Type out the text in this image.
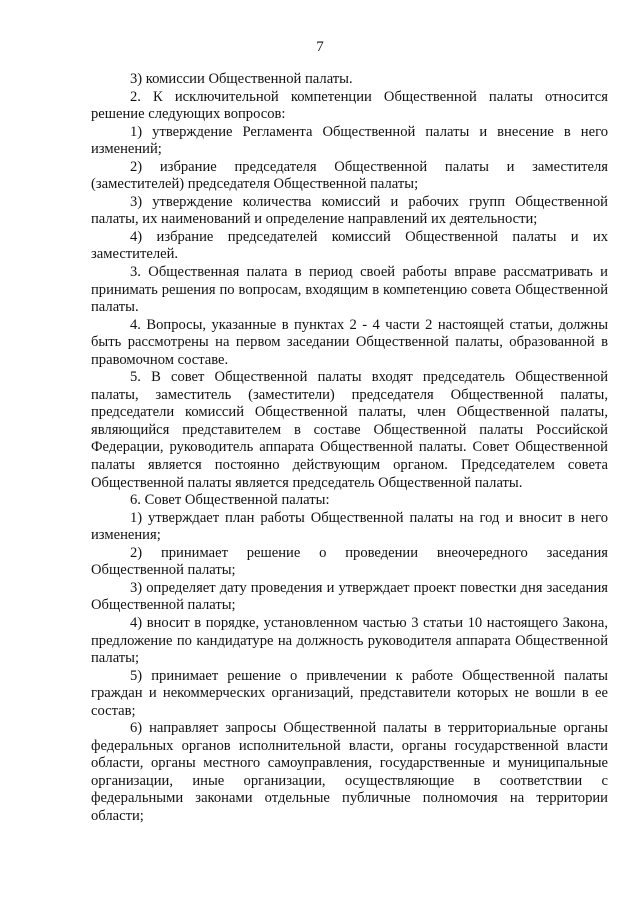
7

3) комиссии Общественной палаты.

2. К исключительной компетенции Общественной палаты относится решение следующих вопросов:

1) утверждение Регламента Общественной палаты и внесение в него изменений;

2) избрание председателя Общественной палаты и заместителя (заместителей) председателя Общественной палаты;

3) утверждение количества комиссий и рабочих групп Общественной палаты, их наименований и определение направлений их деятельности;

4) избрание председателей комиссий Общественной палаты и их заместителей.

3. Общественная палата в период своей работы вправе рассматривать и принимать решения по вопросам, входящим в компетенцию совета Общественной палаты.

4. Вопросы, указанные в пунктах 2 - 4 части 2 настоящей статьи, должны быть рассмотрены на первом заседании Общественной палаты, образованной в правомочном составе.

5. В совет Общественной палаты входят председатель Общественной палаты, заместитель (заместители) председателя Общественной палаты, председатели комиссий Общественной палаты, член Общественной палаты, являющийся представителем в составе Общественной палаты Российской Федерации, руководитель аппарата Общественной палаты. Совет Общественной палаты является постоянно действующим органом. Председателем совета Общественной палаты является председатель Общественной палаты.

6. Совет Общественной палаты:

1) утверждает план работы Общественной палаты на год и вносит в него изменения;

2) принимает решение о проведении внеочередного заседания Общественной палаты;

3) определяет дату проведения и утверждает проект повестки дня заседания Общественной палаты;

4) вносит в порядке, установленном частью 3 статьи 10 настоящего Закона, предложение по кандидатуре на должность руководителя аппарата Общественной палаты;

5) принимает решение о привлечении к работе Общественной палаты граждан и некоммерческих организаций, представители которых не вошли в ее состав;

6) направляет запросы Общественной палаты в территориальные органы федеральных органов исполнительной власти, органы государственной власти области, органы местного самоуправления, государственные и муниципальные организации, иные организации, осуществляющие в соответствии с федеральными законами отдельные публичные полномочия на территории области;
